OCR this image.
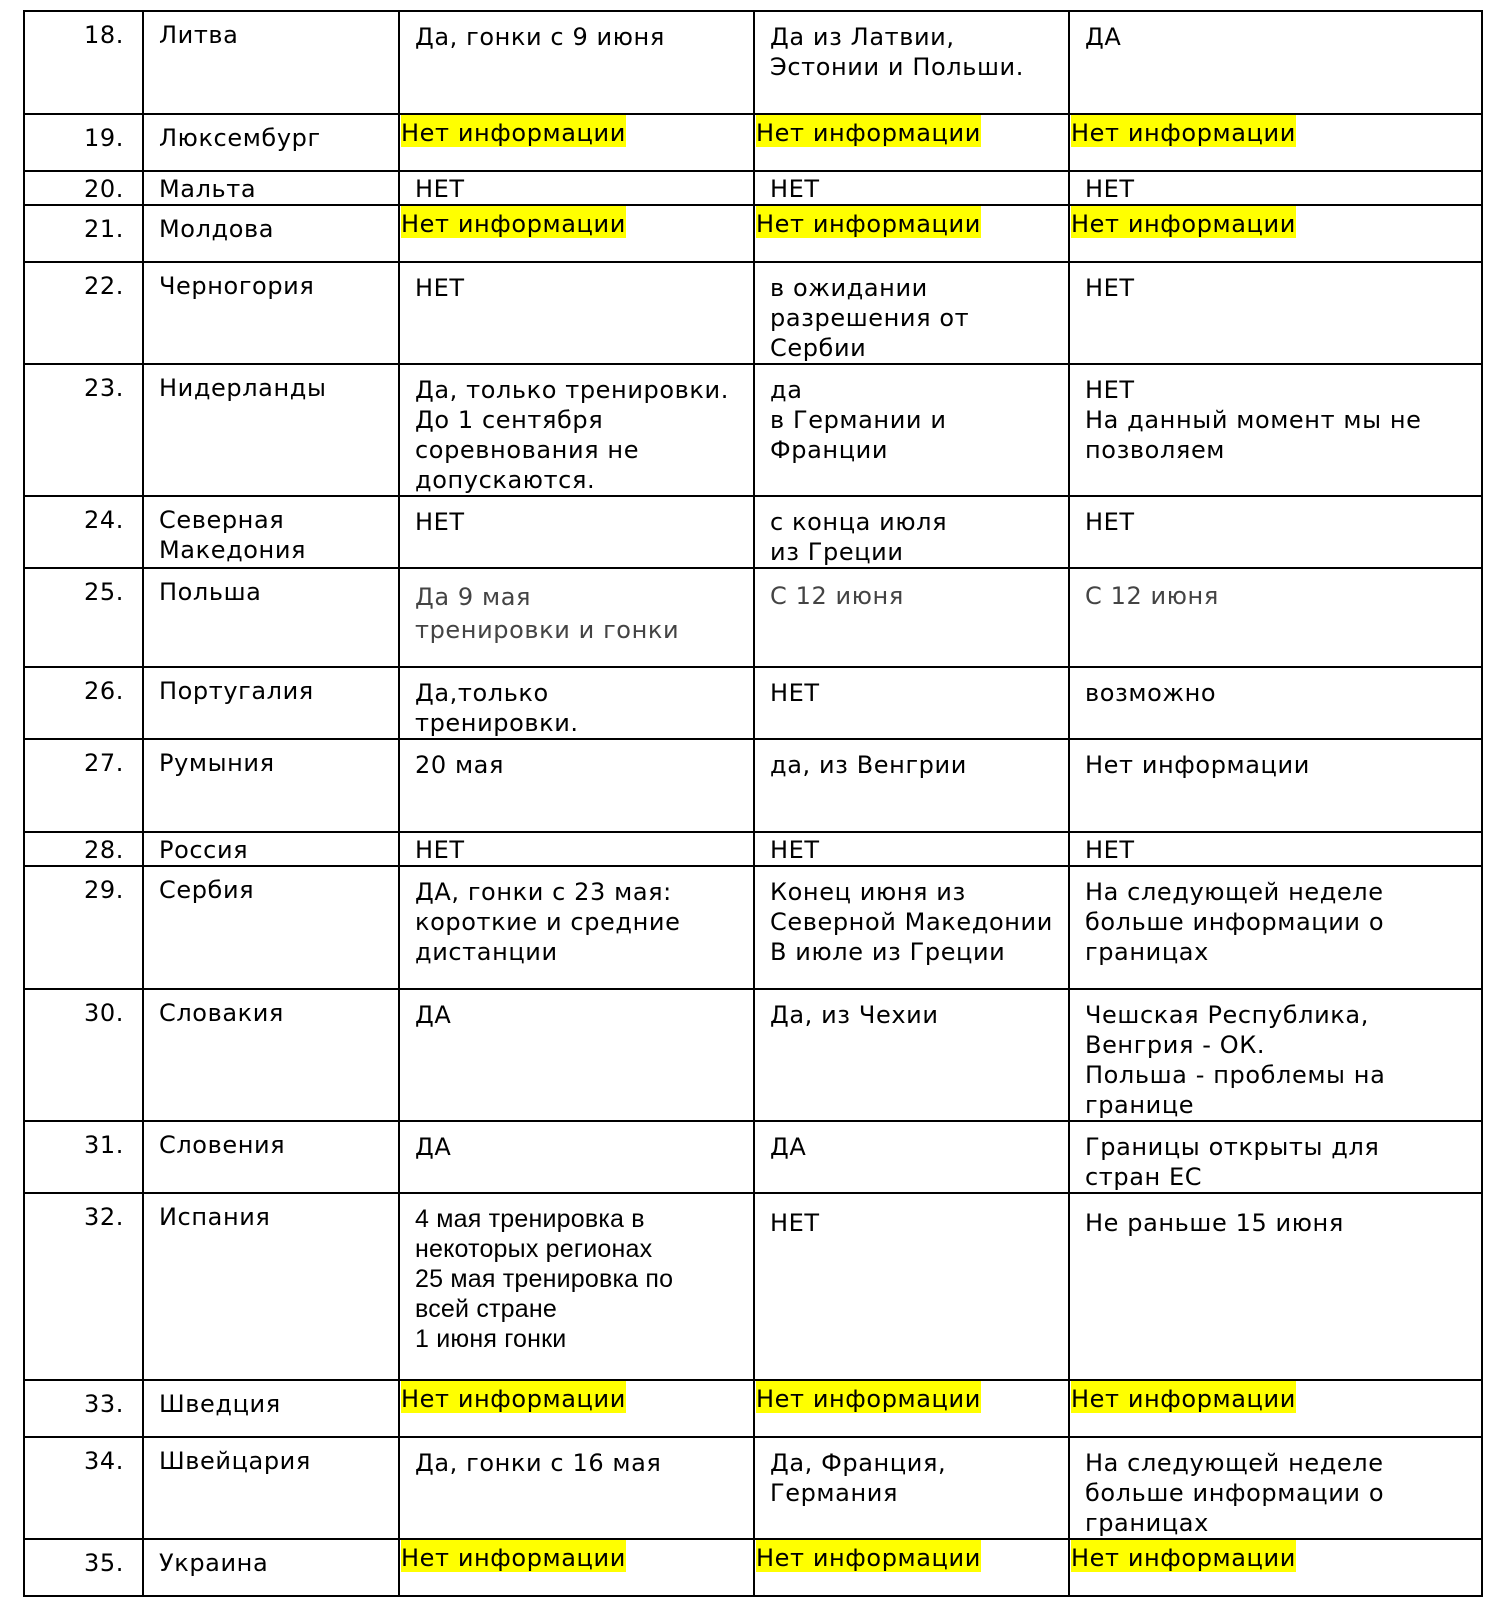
18.	Литва	Да, гонки с 9 июня	Да из Латвии,
Эстонии и Польши.	ДА

19.	Люксембург	Нет информации	Нет информации	Нет информации
20.	Мальта	НЕТ	НЕТ	НЕТ

21.	Молдова	Нет информации	Нет информации	Нет информации
22.	Черногория	НЕТ	в ожидании
разрешения от
Сербии	НЕТ

23.	Нидерланды	Да, только тренировки.
До 1 сентября
соревнования не
допускаются.	да
в Германии и
Франции	НЕТ
На данный момент мы не
позволяем

24.	Северная
Македония	НЕТ	с конца июля
из Греции	НЕТ

25.	Польша	Да 9 мая
тренировки и гонки	С 12 июня	С 12 июня

26.	Португалия	Да,только
тренировки.	НЕТ	возможно

27.	Румыния	20 мая	да, из Венгрии	Нет информации

28.	Россия	НЕТ	НЕТ	НЕТ

29.	Сербия	ДА, гонки с 23 мая:
короткие и средние
дистанции	Конец июня из
Северной Македонии
В июле из Греции	На следующей неделе
больше информации о
границах

30.	Словакия	ДА	Да, из Чехии	Чешская Республика,
Венгрия - ОК.
Польша - проблемы на
границе

31.	Словения	ДА	ДА	Границы открыты для
стран ЕС

32.	Испания	4 мая тренировка в
некоторых регионах
25 мая тренировка по
всей стране
1 июня гонки	НЕТ	Не раньше 15 июня

33.	Шведция	Нет информации	Нет информации	Нет информации
34.	Швейцария	Да, гонки с 16 мая	Да, Франция,
Германия	На следующей неделе
больше информации о
границах

35.	Украина	Нет информации	Нет информации	Нет информации
